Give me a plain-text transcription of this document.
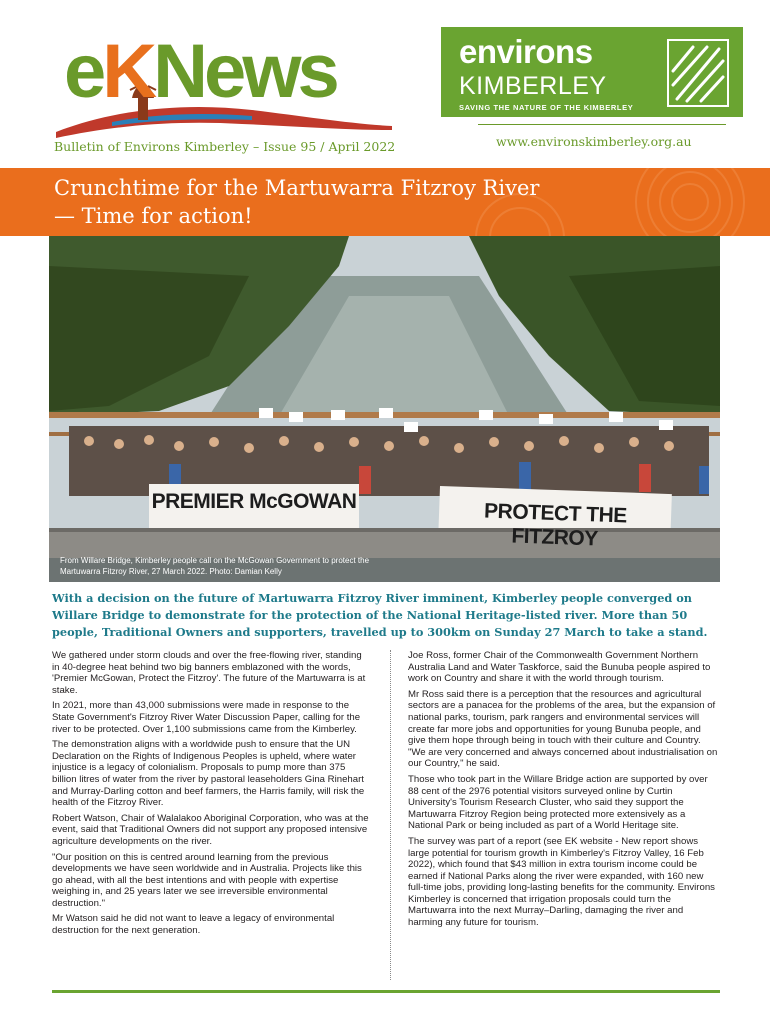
eKNews
Bulletin of Environs Kimberley – Issue 95 / April 2022
environs
KIMBERLEY
SAVING THE NATURE OF THE KIMBERLEY
www.environskimberley.org.au
Crunchtime for the Martuwarra Fitzroy River
— Time for action!
PREMIER McGOWAN	PROTECT THE FITZROY
From Willare Bridge, Kimberley people call on the McGowan Government to protect the
Martuwarra Fitzroy River, 27 March 2022. Photo: Damian Kelly
With a decision on the future of Martuwarra Fitzroy River imminent, Kimberley people converged on Willare Bridge to demonstrate for the protection of the National Heritage-listed river. More than 50 people, Traditional Owners and supporters, travelled up to 300km on Sunday 27 March to take a stand.

We gathered under storm clouds and over the free-flowing river, standing in 40-degree heat behind two big banners emblazoned with the words, 'Premier McGowan, Protect the Fitzroy'. The future of the Martuwarra is at stake.

In 2021, more than 43,000 submissions were made in response to the State Government's Fitzroy River Water Discussion Paper, calling for the river to be protected. Over 1,100 submissions came from the Kimberley.

The demonstration aligns with a worldwide push to ensure that the UN Declaration on the Rights of Indigenous Peoples is upheld, where water injustice is a legacy of colonialism. Proposals to pump more than 375 billion litres of water from the river by pastoral leaseholders Gina Rinehart and Murray-Darling cotton and beef farmers, the Harris family, will risk the health of the Fitzroy River.

Robert Watson, Chair of Walalakoo Aboriginal Corporation, who was at the event, said that Traditional Owners did not support any proposed intensive agriculture developments on the river.

"Our position on this is centred around learning from the previous developments we have seen worldwide and in Australia. Projects like this go ahead, with all the best intentions and with people with expertise weighing in, and 25 years later we see irreversible environmental destruction."

Mr Watson said he did not want to leave a legacy of environmental destruction for the next generation.

Joe Ross, former Chair of the Commonwealth Government Northern Australia Land and Water Taskforce, said the Bunuba people aspired to work on Country and share it with the world through tourism.

Mr Ross said there is a perception that the resources and agricultural sectors are a panacea for the problems of the area, but the expansion of national parks, tourism, park rangers and environmental services will create far more jobs and opportunities for young Bunuba people, and give them hope through being in touch with their culture and Country. "We are very concerned and always concerned about industrialisation on our Country," he said.

Those who took part in the Willare Bridge action are supported by over 88 cent of the 2976 potential visitors surveyed online by Curtin University's Tourism Research Cluster, who said they support the Martuwarra Fitzroy Region being protected more extensively as a National Park or being included as part of a World Heritage site.

The survey was part of a report (see EK website - New report shows large potential for tourism growth in Kimberley's Fitzroy Valley, 16 Feb 2022), which found that $43 million in extra tourism income could be earned if National Parks along the river were expanded, with 160 new full-time jobs, providing long-lasting benefits for the community. Environs Kimberley is concerned that irrigation proposals could turn the Martuwarra into the next Murray–Darling, damaging the river and harming any future for tourism.
